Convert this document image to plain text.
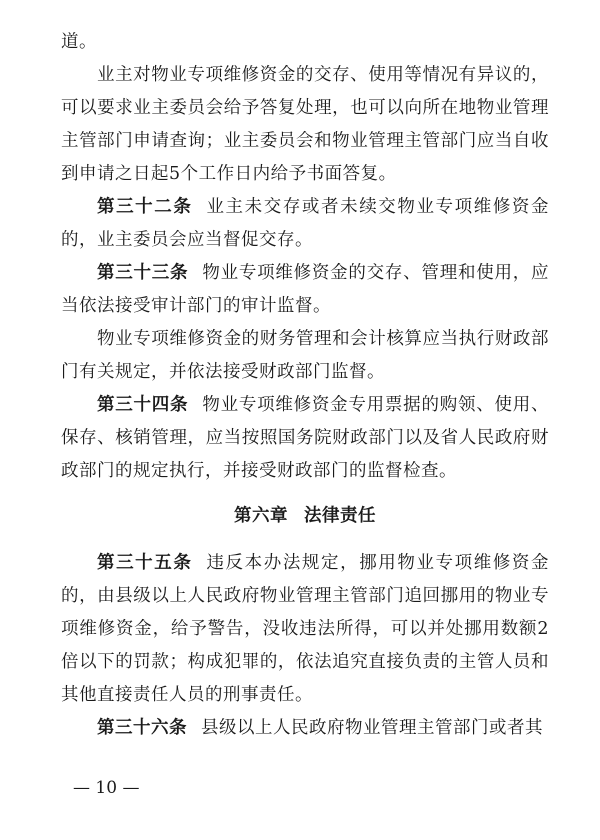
道。

业主对物业专项维修资金的交存、使用等情况有异议的，可以要求业主委员会给予答复处理，也可以向所在地物业管理主管部门申请查询；业主委员会和物业管理主管部门应当自收到申请之日起5个工作日内给予书面答复。

第三十二条 业主未交存或者未续交物业专项维修资金的，业主委员会应当督促交存。

第三十三条 物业专项维修资金的交存、管理和使用，应当依法接受审计部门的审计监督。

物业专项维修资金的财务管理和会计核算应当执行财政部门有关规定，并依法接受财政部门监督。

第三十四条 物业专项维修资金专用票据的购领、使用、保存、核销管理，应当按照国务院财政部门以及省人民政府财政部门的规定执行，并接受财政部门的监督检查。

第六章 法律责任

第三十五条 违反本办法规定，挪用物业专项维修资金的，由县级以上人民政府物业管理主管部门追回挪用的物业专项维修资金，给予警告，没收违法所得，可以并处挪用数额2倍以下的罚款；构成犯罪的，依法追究直接负责的主管人员和其他直接责任人员的刑事责任。

第三十六条 县级以上人民政府物业管理主管部门或者其

— 10 —
